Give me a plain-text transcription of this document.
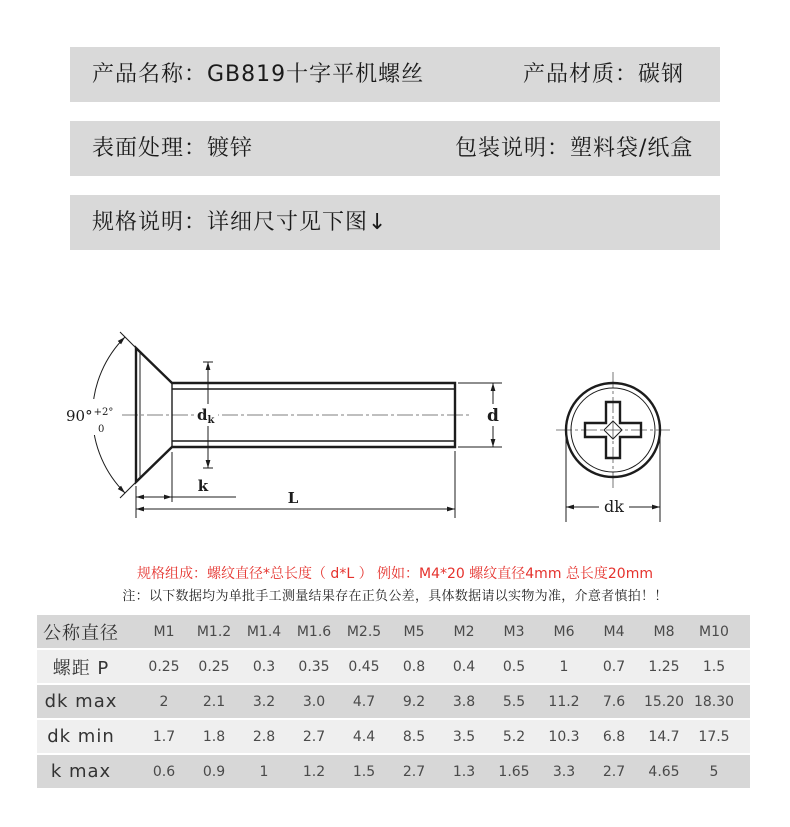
产品名称：GB819十字平机螺丝	产品材质：碳钢
表面处理：镀锌	包装说明：塑料袋/纸盒
规格说明：详细尺寸见下图↓
90°$^{+2^\circ}$ 0
$d_k$	d
k
L	dk
规格组成：螺纹直径*总长度（ d*L ） 例如：M4*20 螺纹直径4mm 总长度20mm
注：以下数据均为单批手工测量结果存在正负公差，具体数据请以实物为准，介意者慎拍！！
公称直径	M1	M1.2	M1.4	M1.6	M2.5	M5	M2	M3	M6	M4	M8	M10
螺距 P	0.25	0.25	0.3	0.35	0.45	0.8	0.4	0.5	1	0.7	1.25	1.5
dk max	2	2.1	3.2	3.0	4.7	9.2	3.8	5.5	11.2	7.6	15.20 18.30
dk min	1.7	1.8	2.8	2.7	4.4	8.5	3.5	5.2	10.3	6.8	14.7	17.5
k max	0.6	0.9	1	1.2	1.5	2.7	1.3	1.65	3.3	2.7	4.65	5
